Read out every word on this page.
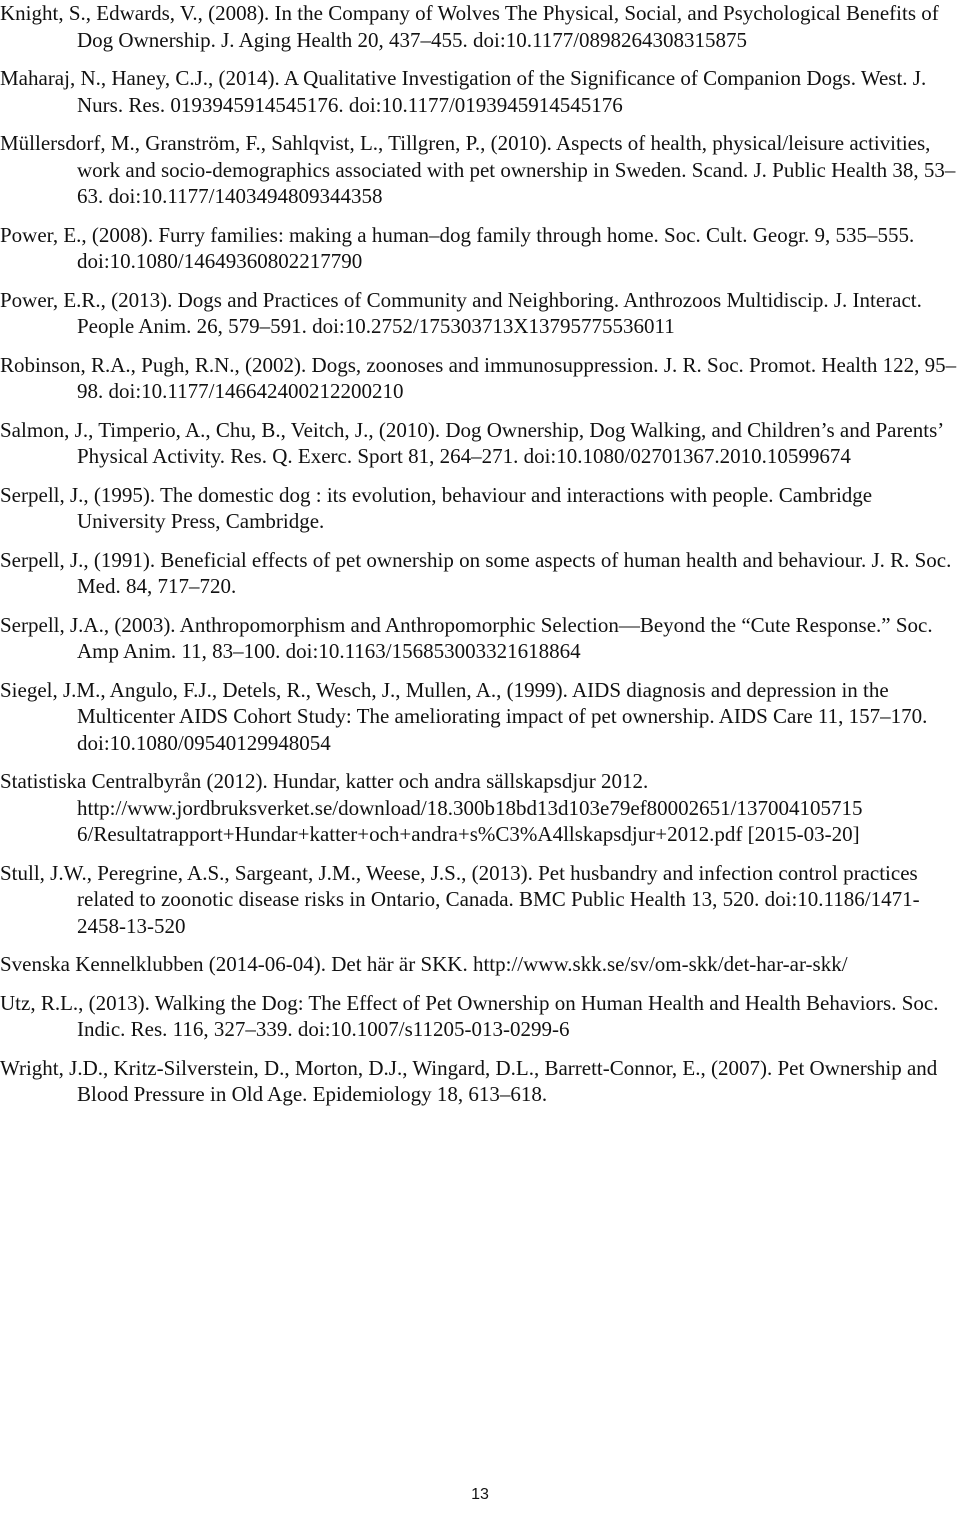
Knight, S., Edwards, V., (2008). In the Company of Wolves The Physical, Social, and Psychological Benefits of Dog Ownership. J. Aging Health 20, 437–455. doi:10.1177/0898264308315875
Maharaj, N., Haney, C.J., (2014). A Qualitative Investigation of the Significance of Companion Dogs. West. J. Nurs. Res. 0193945914545176. doi:10.1177/0193945914545176
Müllersdorf, M., Granström, F., Sahlqvist, L., Tillgren, P., (2010). Aspects of health, physical/leisure activities, work and socio-demographics associated with pet ownership in Sweden. Scand. J. Public Health 38, 53–63. doi:10.1177/1403494809344358
Power, E., (2008). Furry families: making a human–dog family through home. Soc. Cult. Geogr. 9, 535–555. doi:10.1080/14649360802217790
Power, E.R., (2013). Dogs and Practices of Community and Neighboring. Anthrozoos Multidiscip. J. Interact. People Anim. 26, 579–591. doi:10.2752/175303713X13795775536011
Robinson, R.A., Pugh, R.N., (2002). Dogs, zoonoses and immunosuppression. J. R. Soc. Promot. Health 122, 95–98. doi:10.1177/146642400212200210
Salmon, J., Timperio, A., Chu, B., Veitch, J., (2010). Dog Ownership, Dog Walking, and Children’s and Parents’ Physical Activity. Res. Q. Exerc. Sport 81, 264–271. doi:10.1080/02701367.2010.10599674
Serpell, J., (1995). The domestic dog : its evolution, behaviour and interactions with people. Cambridge University Press, Cambridge.
Serpell, J., (1991). Beneficial effects of pet ownership on some aspects of human health and behaviour. J. R. Soc. Med. 84, 717–720.
Serpell, J.A., (2003). Anthropomorphism and Anthropomorphic Selection—Beyond the “Cute Response.” Soc. Amp Anim. 11, 83–100. doi:10.1163/156853003321618864
Siegel, J.M., Angulo, F.J., Detels, R., Wesch, J., Mullen, A., (1999). AIDS diagnosis and depression in the Multicenter AIDS Cohort Study: The ameliorating impact of pet ownership. AIDS Care 11, 157–170. doi:10.1080/09540129948054
Statistiska Centralbyrån (2012). Hundar, katter och andra sällskapsdjur 2012.
http://www.jordbruksverket.se/download/18.300b18bd13d103e79ef80002651/137004105715
6/Resultatrapport+Hundar+katter+och+andra+s%C3%A4llskapsdjur+2012.pdf [2015-03-20]
Stull, J.W., Peregrine, A.S., Sargeant, J.M., Weese, J.S., (2013). Pet husbandry and infection control practices related to zoonotic disease risks in Ontario, Canada. BMC Public Health 13, 520. doi:10.1186/1471-2458-13-520
Svenska Kennelklubben (2014-06-04). Det här är SKK. http://www.skk.se/sv/om-skk/det-har-ar-skk/
Utz, R.L., (2013). Walking the Dog: The Effect of Pet Ownership on Human Health and Health Behaviors. Soc. Indic. Res. 116, 327–339. doi:10.1007/s11205-013-0299-6
Wright, J.D., Kritz-Silverstein, D., Morton, D.J., Wingard, D.L., Barrett-Connor, E., (2007). Pet Ownership and Blood Pressure in Old Age. Epidemiology 18, 613–618.
13
